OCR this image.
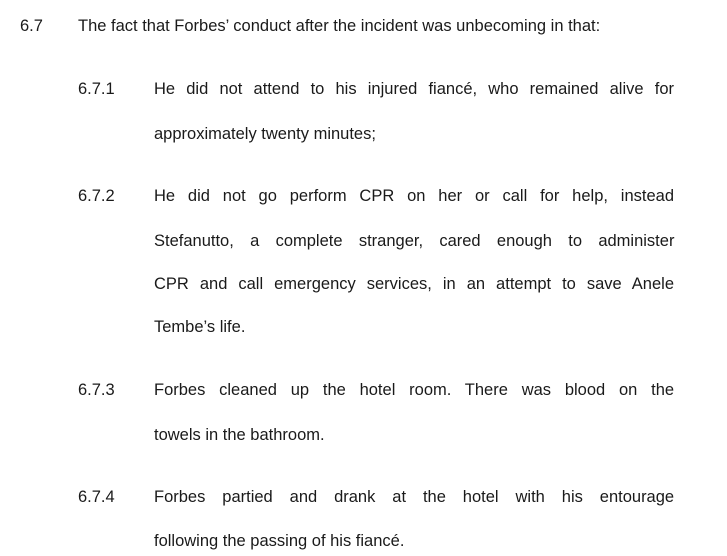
6.7 The fact that Forbes’ conduct after the incident was unbecoming in that:
6.7.1 He did not attend to his injured fiancé, who remained alive for
approximately twenty minutes;
6.7.2 He did not go perform CPR on her or call for help, instead
Stefanutto, a complete stranger, cared enough to administer
CPR and call emergency services, in an attempt to save Anele
Tembe’s life.
6.7.3 Forbes cleaned up the hotel room. There was blood on the
towels in the bathroom.
6.7.4 Forbes partied and drank at the hotel with his entourage
following the passing of his fiancé.
